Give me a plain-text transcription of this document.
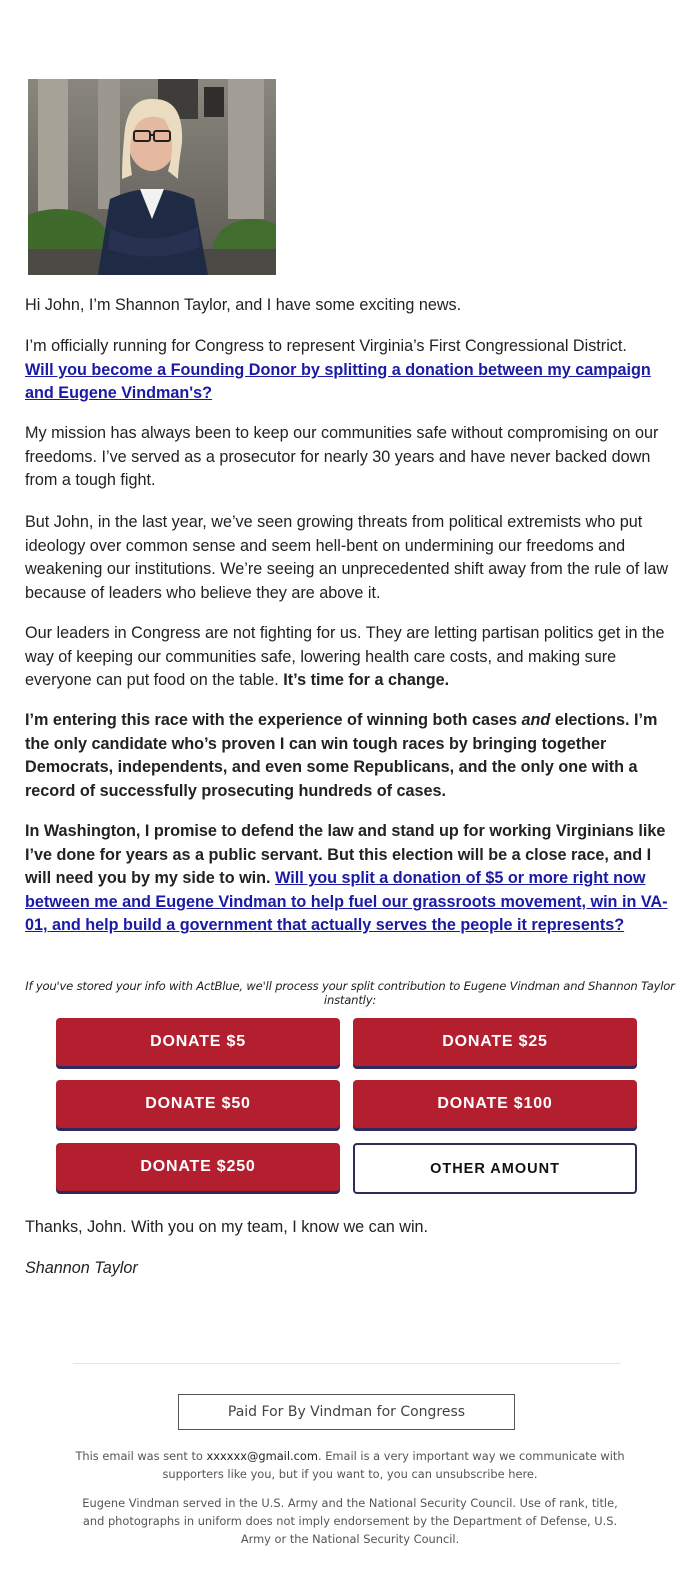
Hi John, I’m Shannon Taylor, and I have some exciting news.

I’m officially running for Congress to represent Virginia’s First Congressional District.
Will you become a Founding Donor by splitting a donation between my campaign and Eugene Vindman's?

My mission has always been to keep our communities safe without compromising on our freedoms. I’ve served as a prosecutor for nearly 30 years and have never backed down from a tough fight.

But John, in the last year, we’ve seen growing threats from political extremists who put ideology over common sense and seem hell-bent on undermining our freedoms and weakening our institutions. We’re seeing an unprecedented shift away from the rule of law because of leaders who believe they are above it.

Our leaders in Congress are not fighting for us. They are letting partisan politics get in the way of keeping our communities safe, lowering health care costs, and making sure everyone can put food on the table. It’s time for a change.

I’m entering this race with the experience of winning both cases and elections. I’m the only candidate who’s proven I can win tough races by bringing together Democrats, independents, and even some Republicans, and the only one with a record of successfully prosecuting hundreds of cases.

In Washington, I promise to defend the law and stand up for working Virginians like I’ve done for years as a public servant. But this election will be a close race, and I will need you by my side to win. Will you split a donation of $5 or more right now between me and Eugene Vindman to help fuel our grassroots movement, win in VA-01, and help build a government that actually serves the people it represents?

If you've stored your info with ActBlue, we'll process your split contribution to Eugene Vindman and Shannon Taylor instantly:
DONATE $5	DONATE $25
DONATE $50	DONATE $100
DONATE $250	OTHER AMOUNT
Thanks, John. With you on my team, I know we can win.
Shannon Taylor
Paid For By Vindman for Congress
This email was sent to xxxxxx@gmail.com. Email is a very important way we communicate with supporters like you, but if you want to, you can unsubscribe here.
Eugene Vindman served in the U.S. Army and the National Security Council. Use of rank, title, and photographs in uniform does not imply endorsement by the Department of Defense, U.S. Army or the National Security Council.
